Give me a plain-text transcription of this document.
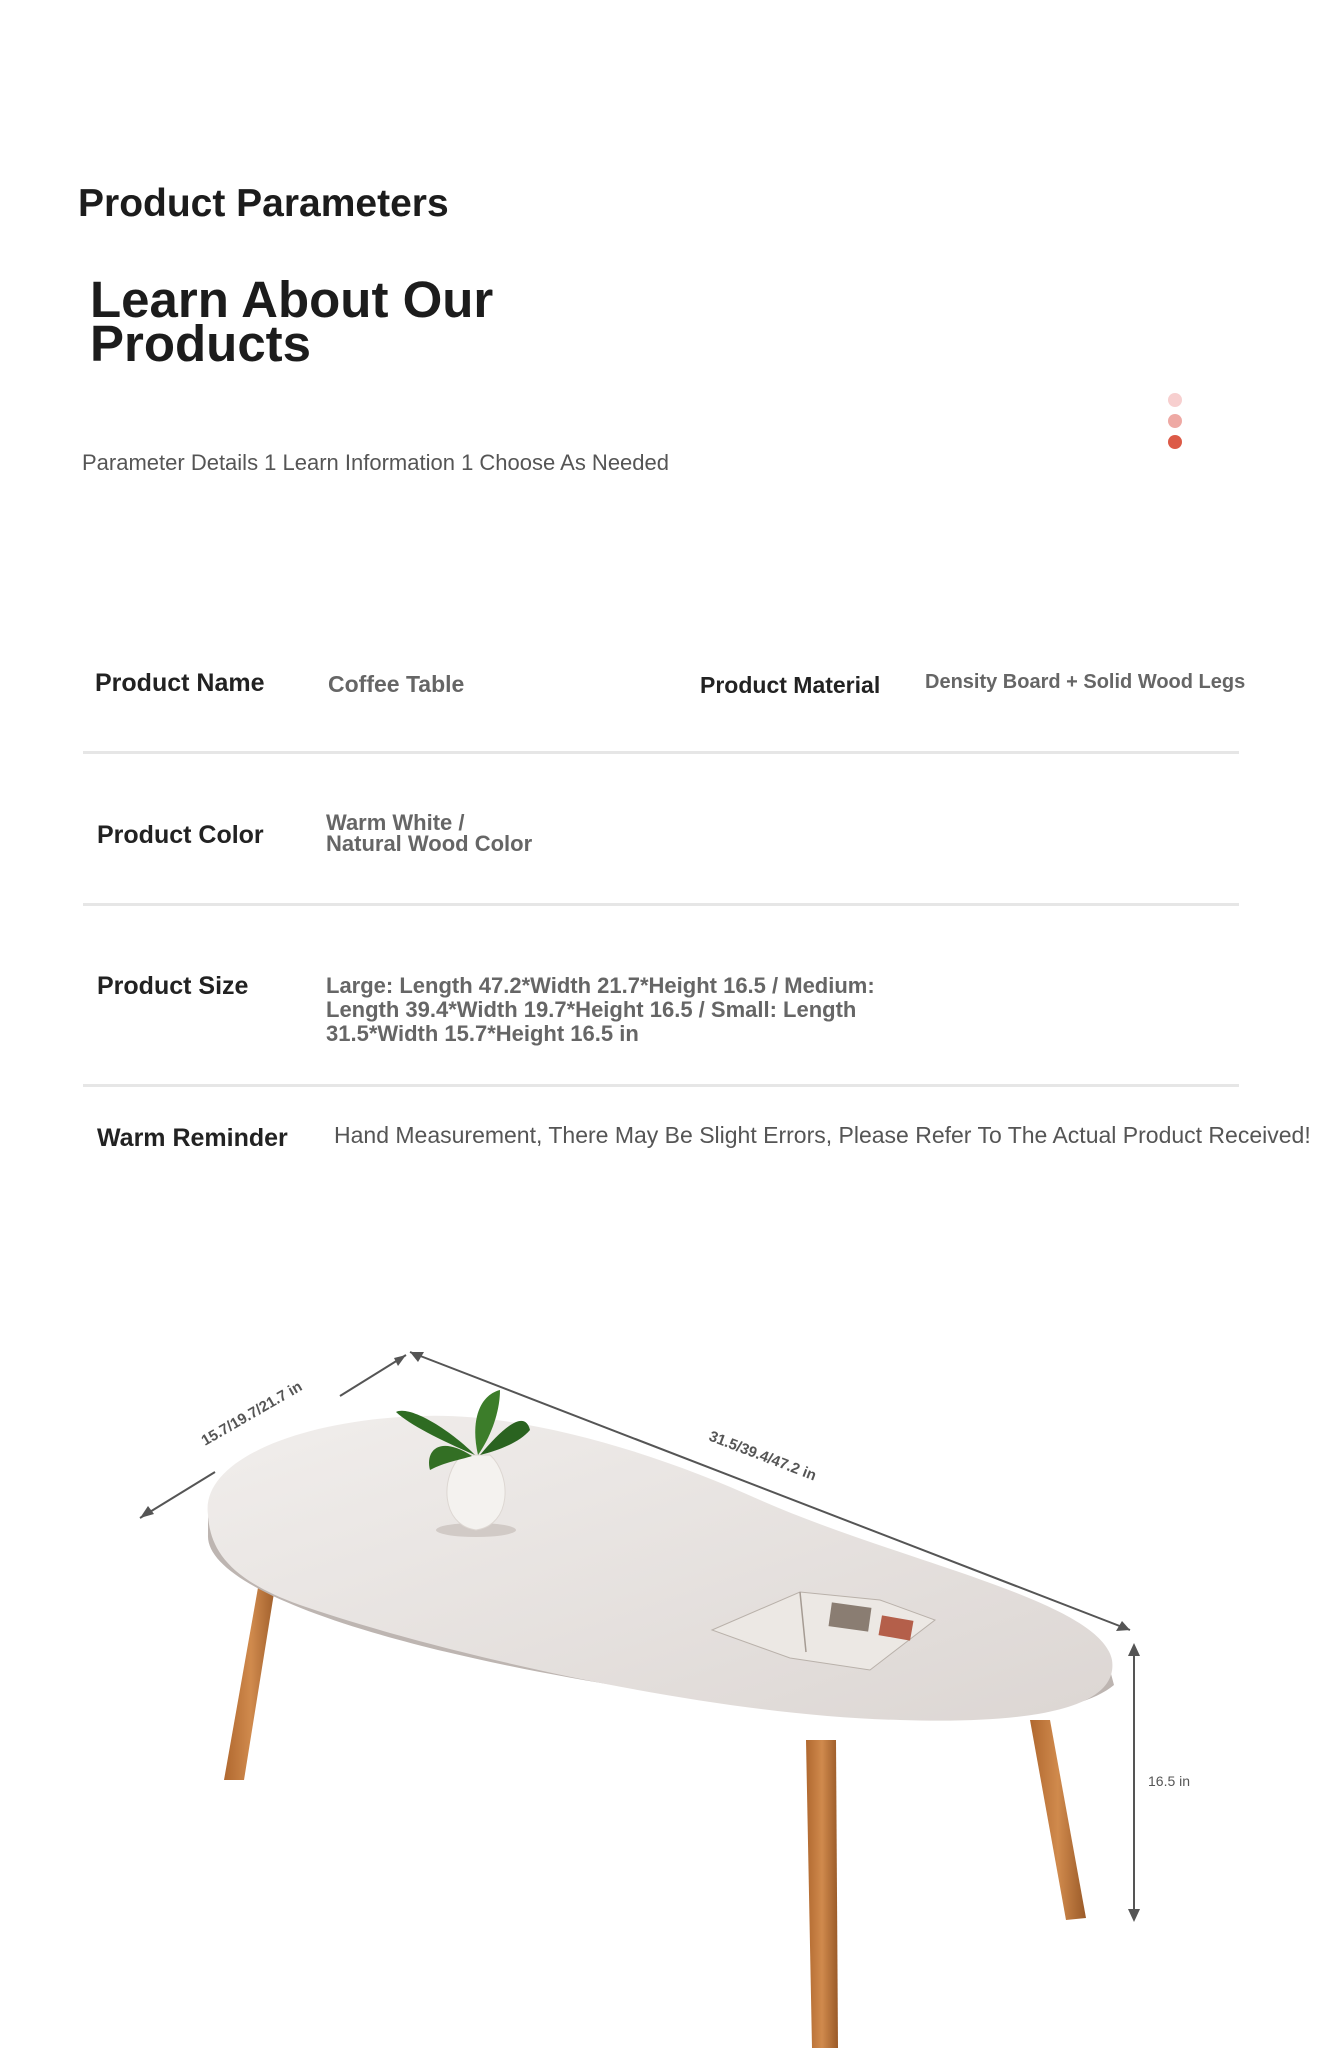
Product Parameters
Learn About Our
Products
Parameter Details 1 Learn Information 1 Choose As Needed
Product Name	Coffee Table	Product Material Density Board + Solid Wood Legs
Product Color	Warm White /
Natural Wood Color
Product Size	Large: Length 47.2*Width 21.7*Height 16.5 / Medium:
Length 39.4*Width 19.7*Height 16.5 / Small: Length
31.5*Width 15.7*Height 16.5 in
Warm Reminder Hand Measurement, There May Be Slight Errors, Please Refer To The Actual Product Received!
31.5/39.4/47.2 in
15.7/19.7/21.7 in
16.5 in
